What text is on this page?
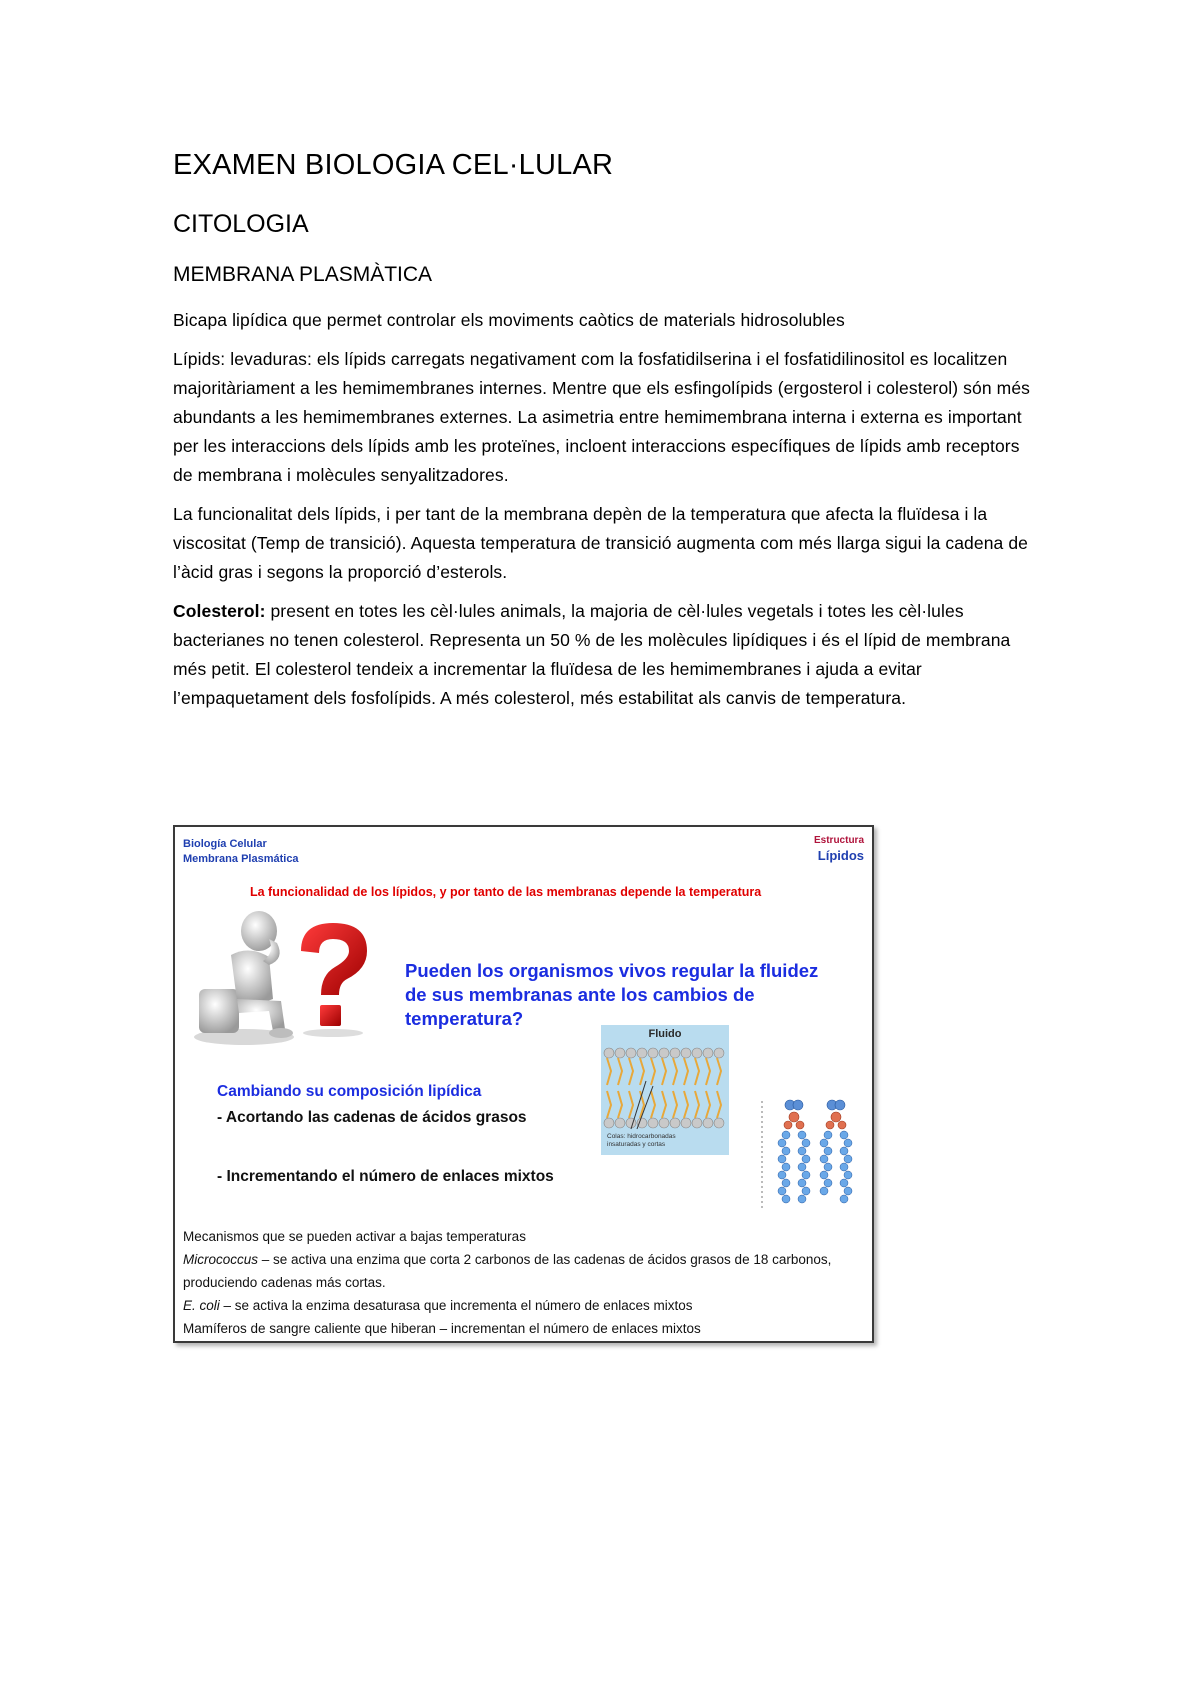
EXAMEN BIOLOGIA CEL·LULAR
CITOLOGIA
MEMBRANA PLASMÀTICA

Bicapa lipídica que permet controlar els moviments caòtics de materials hidrosolubles

Lípids: levaduras: els lípids carregats negativament com la fosfatidilserina i el fosfatidilinositol es localitzen majoritàriament a les hemimembranes internes. Mentre que els esfingolípids (ergosterol i colesterol) són més abundants a les hemimembranes externes. La asimetria entre hemimembrana interna i externa es important per les interaccions dels lípids amb les proteïnes, incloent interaccions específiques de lípids amb receptors de membrana i molècules senyalitzadores.

La funcionalitat dels lípids, i per tant de la membrana depèn de la temperatura que afecta la fluïdesa i la viscositat (Temp de transició). Aquesta temperatura de transició augmenta com més llarga sigui la cadena de l’àcid gras i segons la proporció d’esterols.

Colesterol: present en totes les cèl·lules animals, la majoria de cèl·lules vegetals i totes les cèl·lules bacterianes no tenen colesterol. Representa un 50 % de les molècules lipídiques i és el lípid de membrana més petit. El colesterol tendeix a incrementar la fluïdesa de les hemimembranes i ajuda a evitar l’empaquetament dels fosfolípids. A més colesterol, més estabilitat als canvis de temperatura.

Biología Celular
Membrana Plasmática
Estructura
Lípidos
La funcionalidad de los lípidos, y por tanto de las membranas depende la temperatura
Pueden los organismos vivos regular la fluidez de sus membranas ante los cambios de temperatura?
Fluido
Colas: hidrocarbonadas insaturadas y cortas
Cambiando su composición lipídica
- Acortando las cadenas de ácidos grasos
- Incrementando el número de enlaces mixtos
Mecanismos que se pueden activar a bajas temperaturas
Micrococcus – se activa una enzima que corta 2 carbonos de las cadenas de ácidos grasos de 18 carbonos, produciendo cadenas más cortas.
E. coli – se activa la enzima desaturasa que incrementa el número de enlaces mixtos
Mamíferos de sangre caliente que hiberan – incrementan el número de enlaces mixtos
